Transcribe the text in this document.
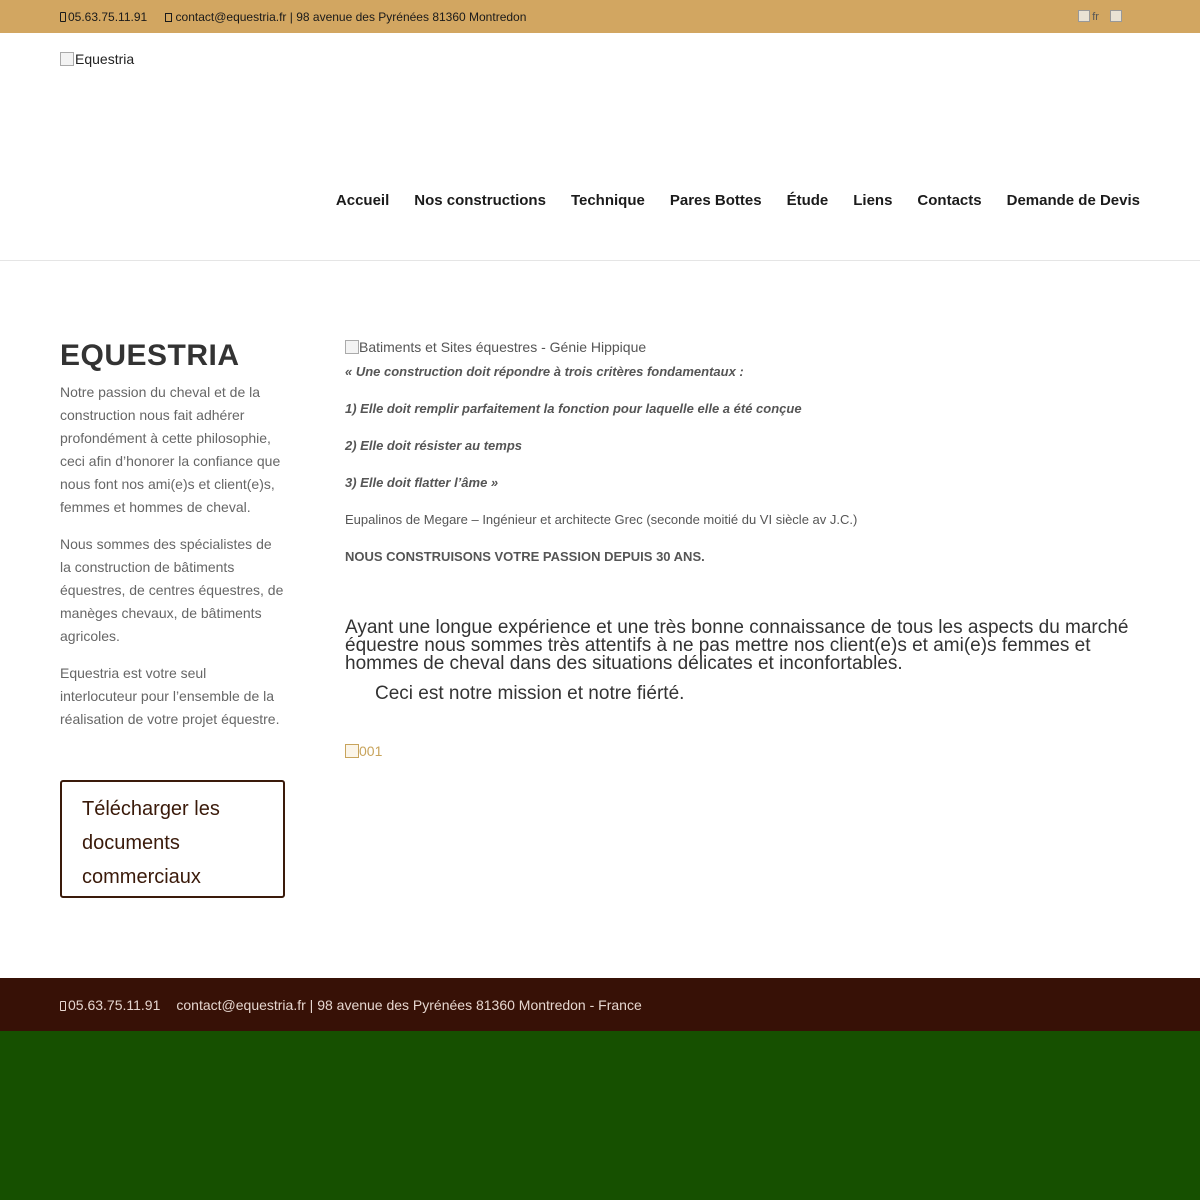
05.63.75.11.91 contact@equestria.fr | 98 avenue des Pyrénées 81360 Montredon	fr
Equestria
Accueil Nos constructions Technique Pares Bottes Étude Liens Contacts Demande de Devis
EQUESTRIA

Notre passion du cheval et de la construction nous fait adhérer profondément à cette philosophie, ceci afin d’honorer la confiance que nous font nos ami(e)s et client(e)s, femmes et hommes de cheval.

Nous sommes des spécialistes de la construction de bâtiments équestres, de centres équestres, de manèges chevaux, de bâtiments agricoles.

Equestria est votre seul interlocuteur pour l’ensemble de la réalisation de votre projet équestre.

Télécharger les documents commerciaux
Batiments et Sites équestres - Génie Hippique

« Une construction doit répondre à trois critères fondamentaux :

1) Elle doit remplir parfaitement la fonction pour laquelle elle a été conçue

2) Elle doit résister au temps

3) Elle doit flatter l’âme »

Eupalinos de Megare – Ingénieur et architecte Grec (seconde moitié du VI siècle av J.C.)

NOUS CONSTRUISONS VOTRE PASSION DEPUIS 30 ANS.

Ayant une longue expérience et une très bonne connaissance de tous les aspects du marché équestre nous sommes très attentifs à ne pas mettre nos client(e)s et ami(e)s femmes et hommes de cheval dans des situations délicates et inconfortables.

Ceci est notre mission et notre fiérté.

001
05.63.75.11.91 contact@equestria.fr | 98 avenue des Pyrénées 81360 Montredon - France
